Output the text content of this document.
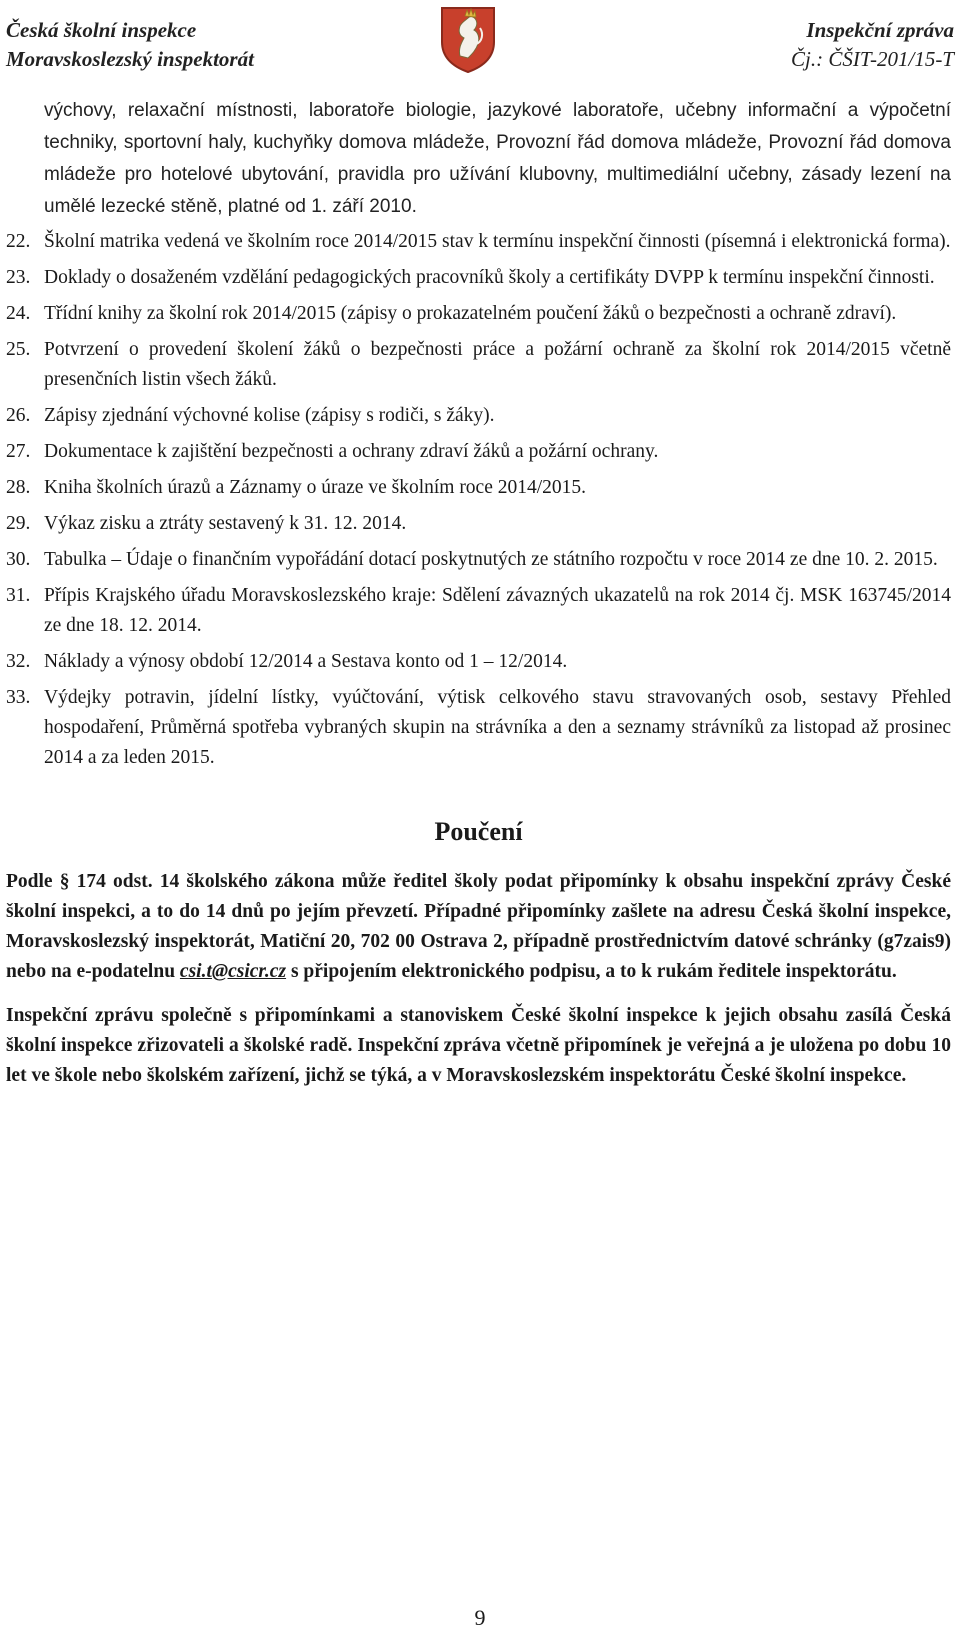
Česká školní inspekce
Moravskoslezský inspektorát
Inspekční zpráva
Čj.: ČŠIT-201/15-T

výchovy, relaxační místnosti, laboratoře biologie, jazykové laboratoře, učebny informační a výpočetní techniky, sportovní haly, kuchyňky domova mládeže, Provozní řád domova mládeže, Provozní řád domova mládeže pro hotelové ubytování, pravidla pro užívání klubovny, multimediální učebny, zásady lezení na umělé lezecké stěně, platné od 1. září 2010.

22. Školní matrika vedená ve školním roce 2014/2015 stav k termínu inspekční činnosti (písemná i elektronická forma).
23. Doklady o dosaženém vzdělání pedagogických pracovníků školy a certifikáty DVPP k termínu inspekční činnosti.
24. Třídní knihy za školní rok 2014/2015 (zápisy o prokazatelném poučení žáků o bezpečnosti a ochraně zdraví).
25. Potvrzení o provedení školení žáků o bezpečnosti práce a požární ochraně za školní rok 2014/2015 včetně presenčních listin všech žáků.
26. Zápisy zjednání výchovné kolise (zápisy s rodiči, s žáky).
27. Dokumentace k zajištění bezpečnosti a ochrany zdraví žáků a požární ochrany.
28. Kniha školních úrazů a Záznamy o úraze ve školním roce 2014/2015.
29. Výkaz zisku a ztráty sestavený k 31. 12. 2014.
30. Tabulka – Údaje o finančním vypořádání dotací poskytnutých ze státního rozpočtu v roce 2014 ze dne 10. 2. 2015.
31. Přípis Krajského úřadu Moravskoslezského kraje: Sdělení závazných ukazatelů na rok 2014 čj. MSK 163745/2014 ze dne 18. 12. 2014.
32. Náklady a výnosy období 12/2014 a Sestava konto od 1 – 12/2014.
33. Výdejky potravin, jídelní lístky, vyúčtování, výtisk celkového stavu stravovaných osob, sestavy Přehled hospodaření, Průměrná spotřeba vybraných skupin na strávníka a den a seznamy strávníků za listopad až prosinec 2014 a za leden 2015.
Poučení

Podle § 174 odst. 14 školského zákona může ředitel školy podat připomínky k obsahu inspekční zprávy České školní inspekci, a to do 14 dnů po jejím převzetí. Případné připomínky zašlete na adresu Česká školní inspekce, Moravskoslezský inspektorát, Matiční 20, 702 00 Ostrava 2, případně prostřednictvím datové schránky (g7zais9) nebo na e-podatelnu csi.t@csicr.cz s připojením elektronického podpisu, a to k rukám ředitele inspektorátu.

Inspekční zprávu společně s připomínkami a stanoviskem České školní inspekce k jejich obsahu zasílá Česká školní inspekce zřizovateli a školské radě. Inspekční zpráva včetně připomínek je veřejná a je uložena po dobu 10 let ve škole nebo školském zařízení, jichž se týká, a v Moravskoslezském inspektorátu České školní inspekce.

9
